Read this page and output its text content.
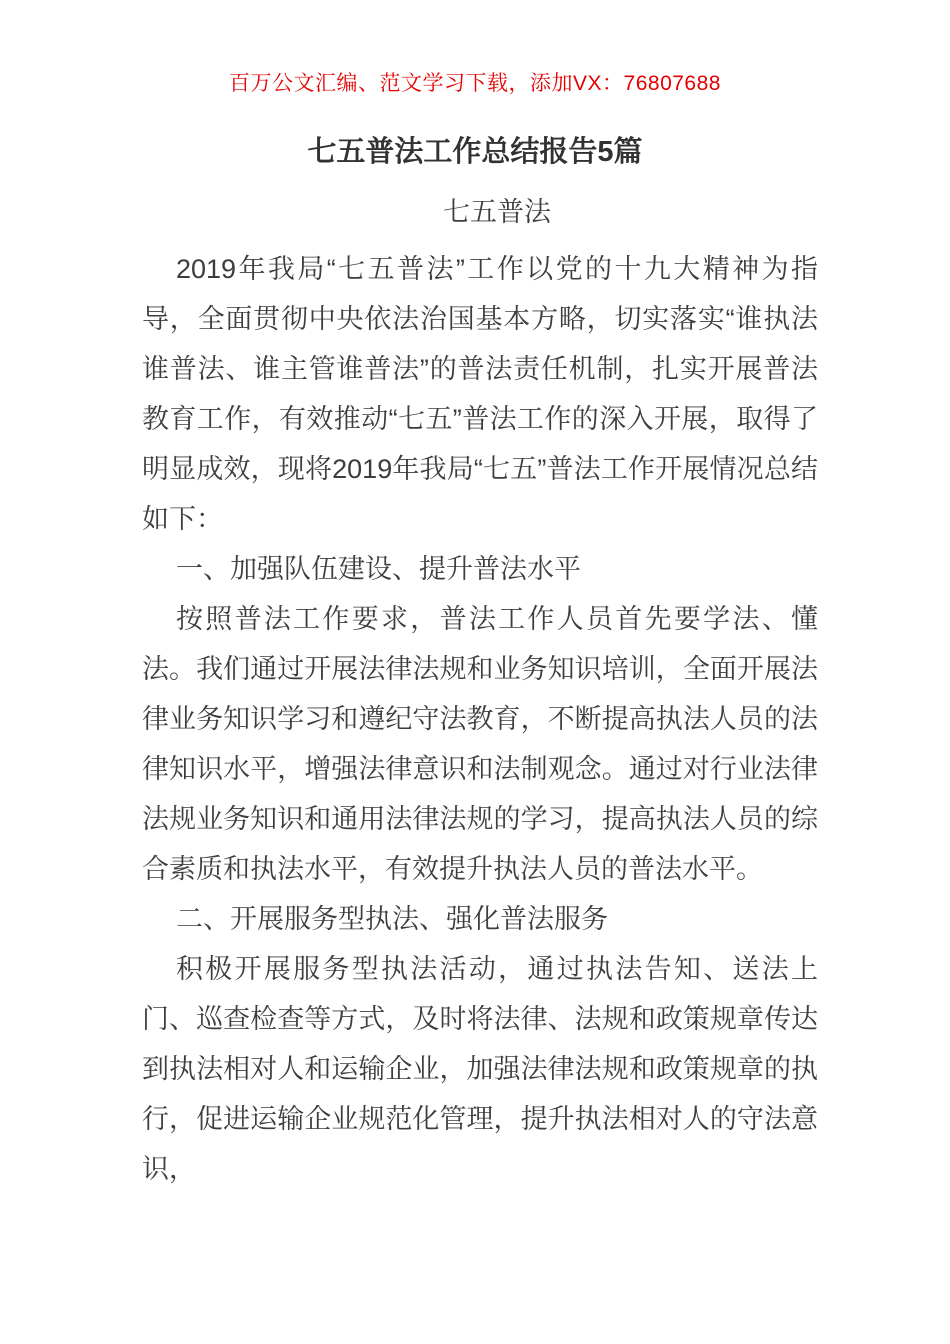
百万公文汇编、范文学习下载，添加VX：76807688

七五普法工作总结报告5篇
七五普法

2019年我局“七五普法”工作以党的十九大精神为指导，全面贯彻中央依法治国基本方略，切实落实“谁执法谁普法、谁主管谁普法”的普法责任机制，扎实开展普法教育工作，有效推动“七五”普法工作的深入开展，取得了明显成效，现将2019年我局“七五”普法工作开展情况总结如下：

一、加强队伍建设、提升普法水平

按照普法工作要求，普法工作人员首先要学法、懂法。我们通过开展法律法规和业务知识培训，全面开展法律业务知识学习和遵纪守法教育，不断提高执法人员的法律知识水平，增强法律意识和法制观念。通过对行业法律法规业务知识和通用法律法规的学习，提高执法人员的综合素质和执法水平，有效提升执法人员的普法水平。

二、开展服务型执法、强化普法服务

积极开展服务型执法活动，通过执法告知、送法上门、巡查检查等方式，及时将法律、法规和政策规章传达到执法相对人和运输企业，加强法律法规和政策规章的执行，促进运输企业规范化管理，提升执法相对人的守法意识，
